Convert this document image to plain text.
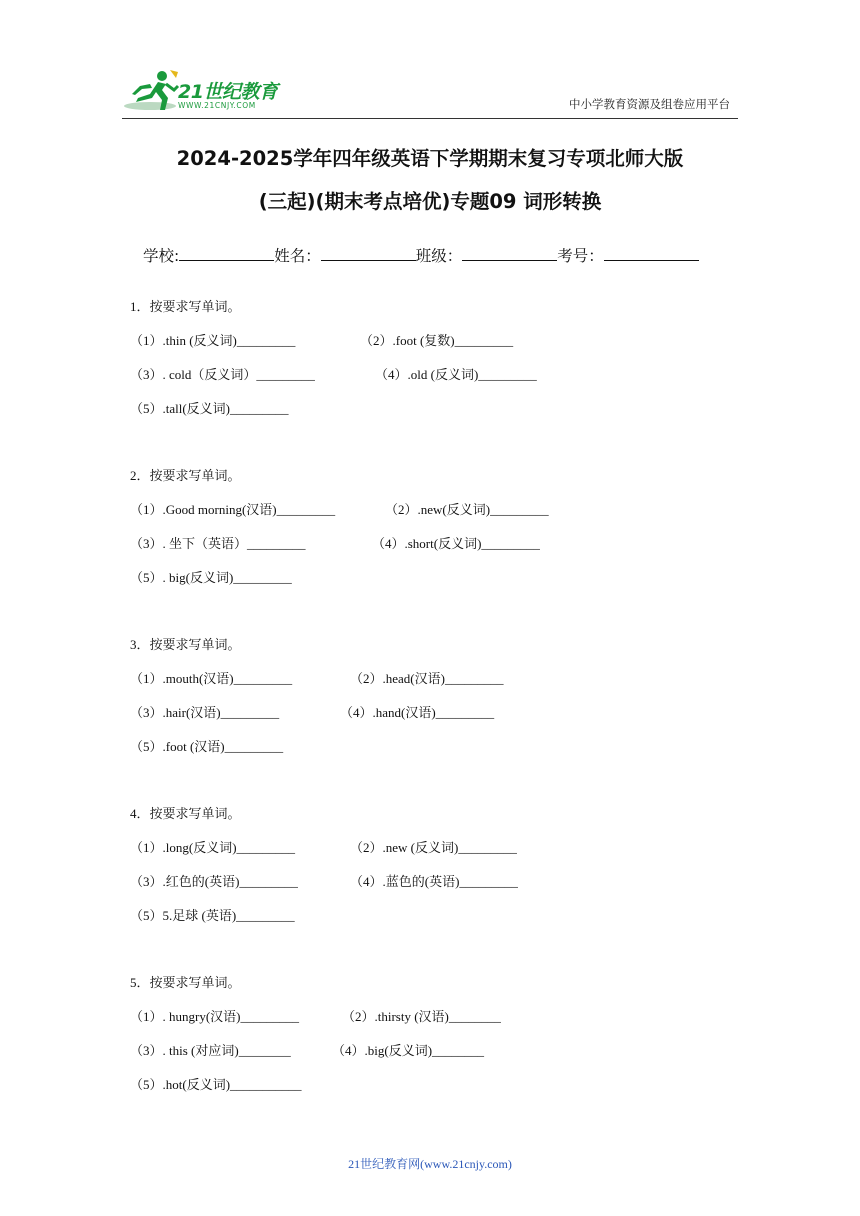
21世纪教育
WWW.21CNJY.COM	中小学教育资源及组卷应用平台
2024-2025学年四年级英语下学期期末复习专项北师大版
(三起)(期末考点培优)专题09 词形转换
学校:	姓名：	班级：	考号：
1．按要求写单词。
（1）.thin (反义词)_________	（2）.foot (复数)_________
（3）. cold（反义词）_________	（4）.old (反义词)_________
（5）.tall(反义词)_________
2．按要求写单词。
（1）.Good morning(汉语)_________	（2）.new(反义词)_________
（3）. 坐下（英语）_________	（4）.short(反义词)_________
（5）. big(反义词)_________
3．按要求写单词。
（1）.mouth(汉语)_________	（2）.head(汉语)_________
（3）.hair(汉语)_________	（4）.hand(汉语)_________
（5）.foot (汉语)_________
4．按要求写单词。
（1）.long(反义词)_________	（2）.new (反义词)_________
（3）.红色的(英语)_________	（4）.蓝色的(英语)_________
（5）5.足球 (英语)_________
5．按要求写单词。
（1）. hungry(汉语)_________	（2）.thirsty (汉语)________
（3）. this (对应词)________	（4）.big(反义词)________
（5）.hot(反义词)___________
21世纪教育网(www.21cnjy.com)
